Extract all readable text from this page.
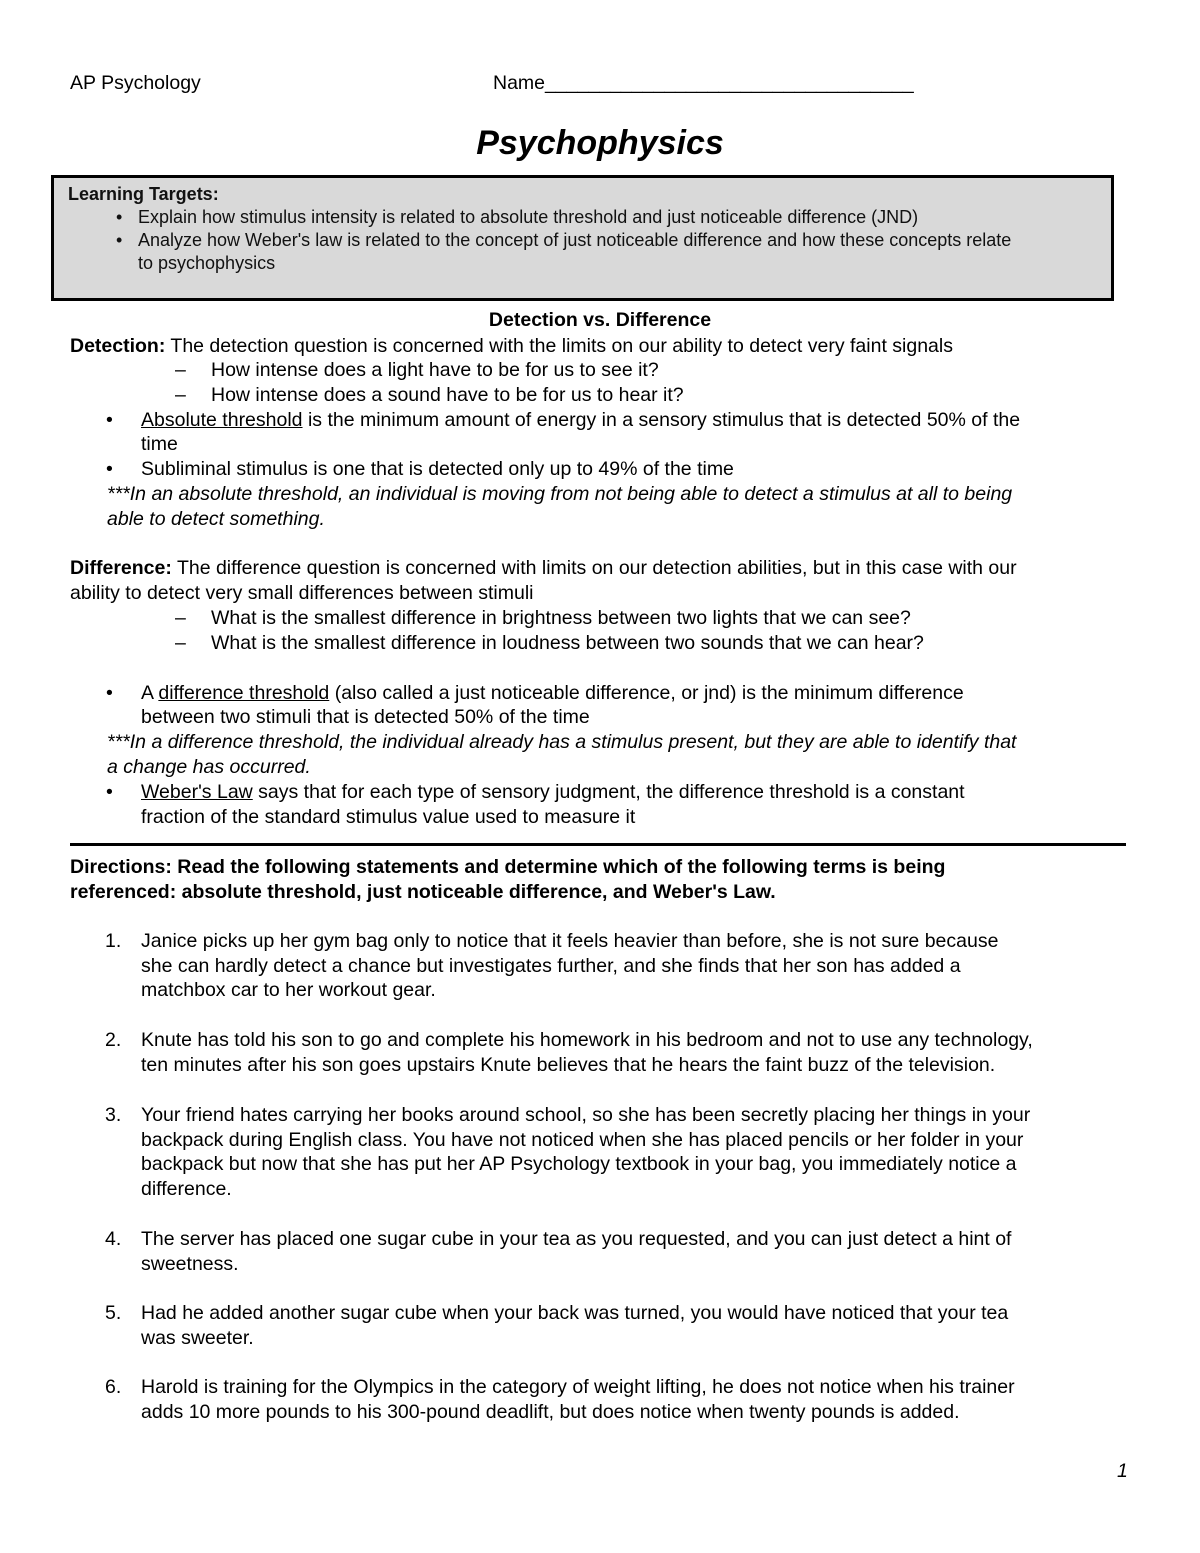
AP Psychology	Name__________________________________
Psychophysics
Learning Targets:
• Explain how stimulus intensity is related to absolute threshold and just noticeable difference (JND)
• Analyze how Weber's law is related to the concept of just noticeable difference and how these concepts relate
to psychophysics
Detection vs. Difference
Detection: The detection question is concerned with the limits on our ability to detect very faint signals
– How intense does a light have to be for us to see it?
– How intense does a sound have to be for us to hear it?
• Absolute threshold is the minimum amount of energy in a sensory stimulus that is detected 50% of the
time
• Subliminal stimulus is one that is detected only up to 49% of the time
***In an absolute threshold, an individual is moving from not being able to detect a stimulus at all to being
able to detect something.
Difference: The difference question is concerned with limits on our detection abilities, but in this case with our
ability to detect very small differences between stimuli
– What is the smallest difference in brightness between two lights that we can see?
– What is the smallest difference in loudness between two sounds that we can hear?
• A difference threshold (also called a just noticeable difference, or jnd) is the minimum difference
between two stimuli that is detected 50% of the time
***In a difference threshold, the individual already has a stimulus present, but they are able to identify that
a change has occurred.
• Weber's Law says that for each type of sensory judgment, the difference threshold is a constant
fraction of the standard stimulus value used to measure it
Directions: Read the following statements and determine which of the following terms is being
referenced: absolute threshold, just noticeable difference, and Weber's Law.
1. Janice picks up her gym bag only to notice that it feels heavier than before, she is not sure because
she can hardly detect a chance but investigates further, and she finds that her son has added a
matchbox car to her workout gear.
2. Knute has told his son to go and complete his homework in his bedroom and not to use any technology,
ten minutes after his son goes upstairs Knute believes that he hears the faint buzz of the television.
3. Your friend hates carrying her books around school, so she has been secretly placing her things in your
backpack during English class. You have not noticed when she has placed pencils or her folder in your
backpack but now that she has put her AP Psychology textbook in your bag, you immediately notice a
difference.
4. The server has placed one sugar cube in your tea as you requested, and you can just detect a hint of
sweetness.
5. Had he added another sugar cube when your back was turned, you would have noticed that your tea
was sweeter.
6. Harold is training for the Olympics in the category of weight lifting, he does not notice when his trainer
adds 10 more pounds to his 300-pound deadlift, but does notice when twenty pounds is added.
1
